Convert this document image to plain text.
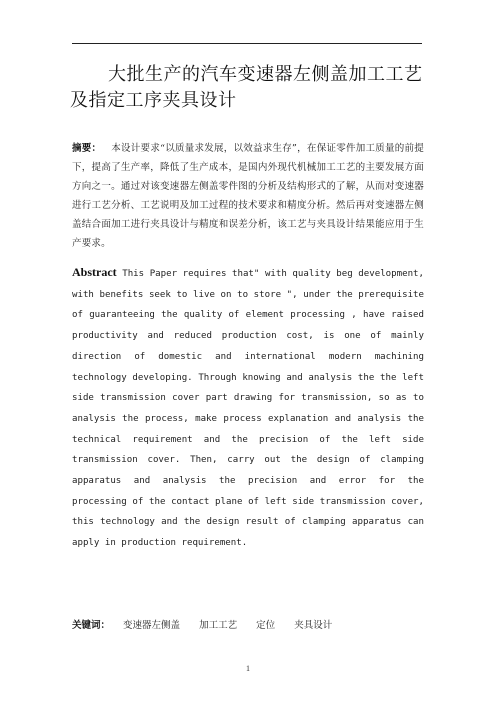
大批生产的汽车变速器左侧盖加工工艺及指定工序夹具设计
摘要： 本设计要求“以质量求发展，以效益求生存”，在保证零件加工质量的前提下，提高了生产率，降低了生产成本，是国内外现代机械加工工艺的主要发展方面方向之一。通过对该变速器左侧盖零件图的分析及结构形式的了解，从而对变速器进行工艺分析、工艺说明及加工过程的技术要求和精度分析。然后再对变速器左侧盖结合面加工进行夹具设计与精度和误差分析，该工艺与夹具设计结果能应用于生产要求。
Abstract This Paper requires that" with quality beg development, with benefits seek to live on to store ", under the prerequisite of guaranteeing the quality of element processing , have raised productivity and reduced production cost, is one of mainly direction of domestic and international modern machining technology developing. Through knowing and analysis the the left side transmission cover part drawing for transmission, so as to analysis the process, make process explanation and analysis the technical requirement and the precision of the left side transmission cover. Then, carry out the design of clamping apparatus and analysis the precision and error for the processing of the contact plane of left side transmission cover, this technology and the design result of clamping apparatus can apply in production requirement.
关键词： 变速器左侧盖 加工工艺 定位 夹具设计
1
